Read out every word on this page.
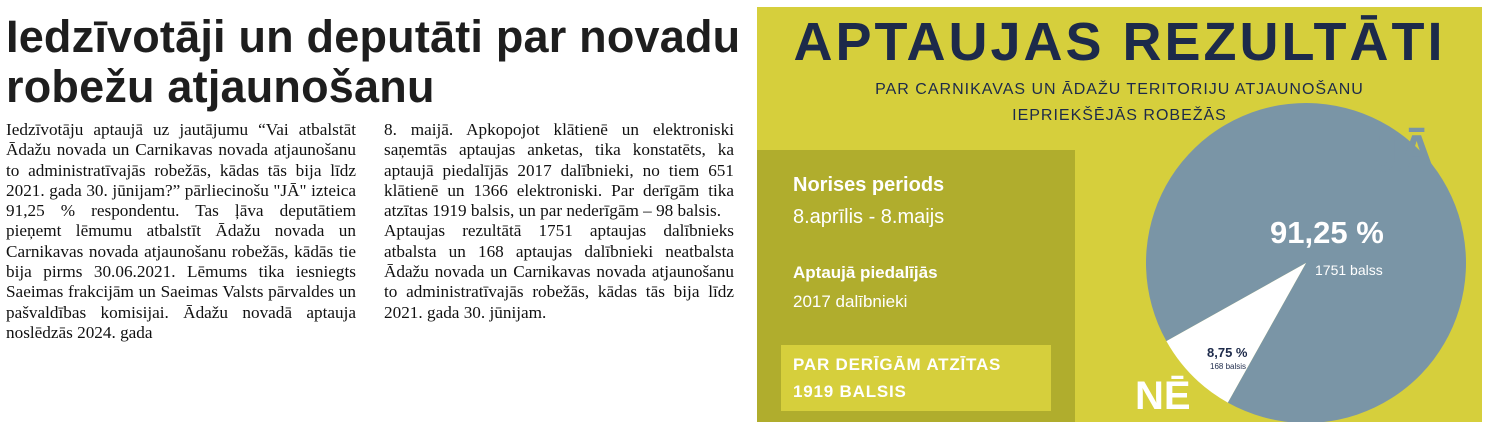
Iedzīvotāji un deputāti par novadu robežu atjaunošanu

Iedzīvotāju aptaujā uz jautājumu “Vai atbalstāt Ādažu novada un Carnikavas novada atjaunošanu to administratīvajās robežās, kādas tās bija līdz 2021. gada 30. jūnijam?” pārliecinošu "JĀ" izteica 91,25 % respondentu. Tas ļāva deputātiem pieņemt lēmumu atbalstīt Ādažu novada un Carnikavas novada atjaunošanu robežās, kādās tie bija pirms 30.06.2021. Lēmums tika iesniegts Saeimas frakcijām un Saeimas Valsts pārvaldes un pašvaldības komisijai. Ādažu novadā aptauja noslēdzās 2024. gada

8. maijā. Apkopojot klātienē un elektroniski saņemtās aptaujas anketas, tika konstatēts, ka aptaujā piedalījās 2017 dalībnieki, no tiem 651 klātienē un 1366 elektroniski. Par derīgām tika atzītas 1919 balsis, un par nederīgām – 98 balsis.

Aptaujas rezultātā 1751 aptaujas dalībnieks atbalsta un 168 aptaujas dalībnieki neatbalsta Ādažu novada un Carnikavas novada atjaunošanu to administratīvajās robežās, kādas tās bija līdz 2021. gada 30. jūnijam.

APTAUJAS REZULTĀTI

PAR CARNIKAVAS UN ĀDAŽU TERITORIJU ATJAUNOŠANU
IEPRIEKŠĒJĀS ROBEŽĀS

Norises periods

8.aprīlis - 8.maijs

Aptaujā piedalījās

2017 dalībnieki

PAR DERĪGĀM ATZĪTAS

1919 BALSIS

JĀ

NĒ

91,25 %

1751 balss

8,75 %

168 balsis
